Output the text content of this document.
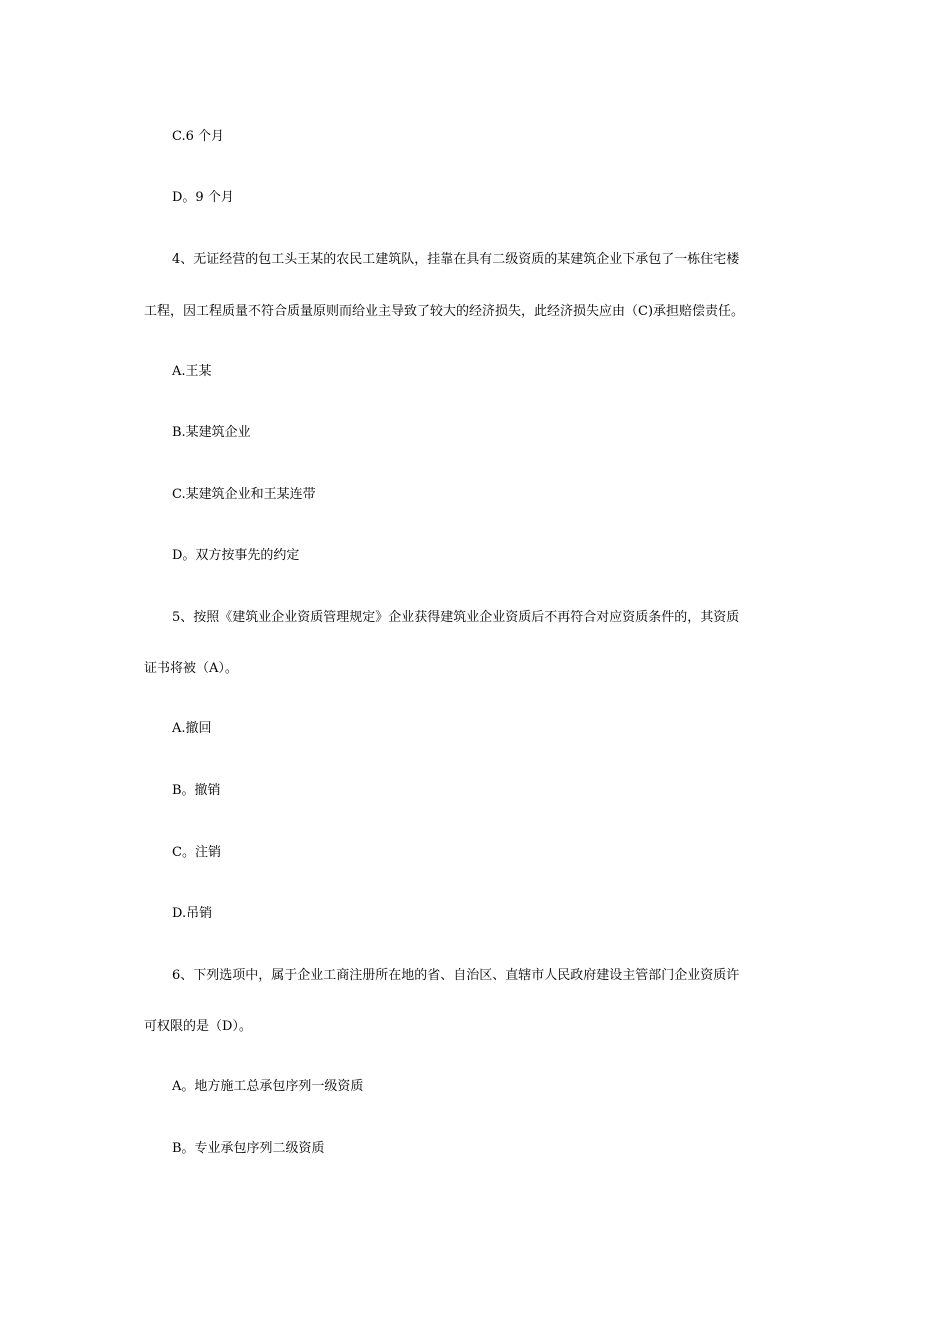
C.6 个月
D。9 个月
4、无证经营的包工头王某的农民工建筑队，挂靠在具有二级资质的某建筑企业下承包了一栋住宅楼
工程，因工程质量不符合质量原则而给业主导致了较大的经济损失，此经济损失应由（C)承担赔偿责任。
A.王某
B.某建筑企业
C.某建筑企业和王某连带
D。双方按事先的约定
5、按照《建筑业企业资质管理规定》企业获得建筑业企业资质后不再符合对应资质条件的，其资质
证书将被（A）。
A.撤回
B。撤销
C。注销
D.吊销
6、下列选项中，属于企业工商注册所在地的省、自治区、直辖市人民政府建设主管部门企业资质许
可权限的是（D）。
A。地方施工总承包序列一级资质
B。专业承包序列二级资质
